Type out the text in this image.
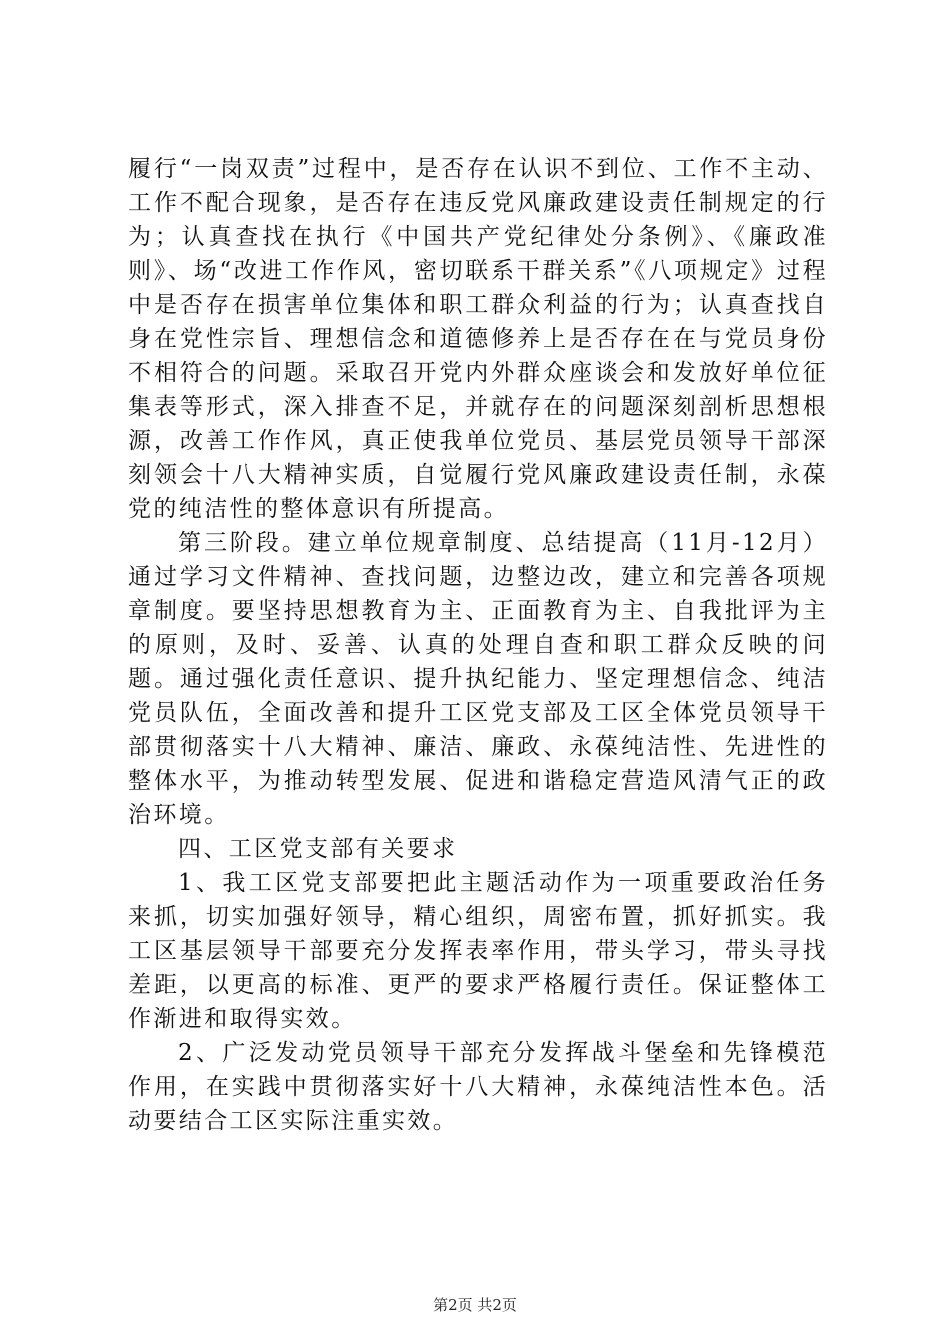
履行“一岗双责”过程中，是否存在认识不到位、工作不主动、工作不配合现象，是否存在违反党风廉政建设责任制规定的行为；认真查找在执行《中国共产党纪律处分条例》、《廉政准则》、场“改进工作作风，密切联系干群关系”《八项规定》过程中是否存在损害单位集体和职工群众利益的行为；认真查找自身在党性宗旨、理想信念和道德修养上是否存在在与党员身份不相符合的问题。采取召开党内外群众座谈会和发放好单位征集表等形式，深入排查不足，并就存在的问题深刻剖析思想根源，改善工作作风，真正使我单位党员、基层党员领导干部深刻领会十八大精神实质，自觉履行党风廉政建设责任制，永葆党的纯洁性的整体意识有所提高。

第三阶段。建立单位规章制度、总结提高（11月-12月）通过学习文件精神、查找问题，边整边改，建立和完善各项规章制度。要坚持思想教育为主、正面教育为主、自我批评为主的原则，及时、妥善、认真的处理自查和职工群众反映的问题。通过强化责任意识、提升执纪能力、坚定理想信念、纯洁党员队伍，全面改善和提升工区党支部及工区全体党员领导干部贯彻落实十八大精神、廉洁、廉政、永葆纯洁性、先进性的整体水平，为推动转型发展、促进和谐稳定营造风清气正的政治环境。

四、工区党支部有关要求

1、我工区党支部要把此主题活动作为一项重要政治任务来抓，切实加强好领导，精心组织，周密布置，抓好抓实。我工区基层领导干部要充分发挥表率作用，带头学习，带头寻找差距，以更高的标准、更严的要求严格履行责任。保证整体工作渐进和取得实效。

2、广泛发动党员领导干部充分发挥战斗堡垒和先锋模范作用，在实践中贯彻落实好十八大精神，永葆纯洁性本色。活动要结合工区实际注重实效。

第2页 共2页
